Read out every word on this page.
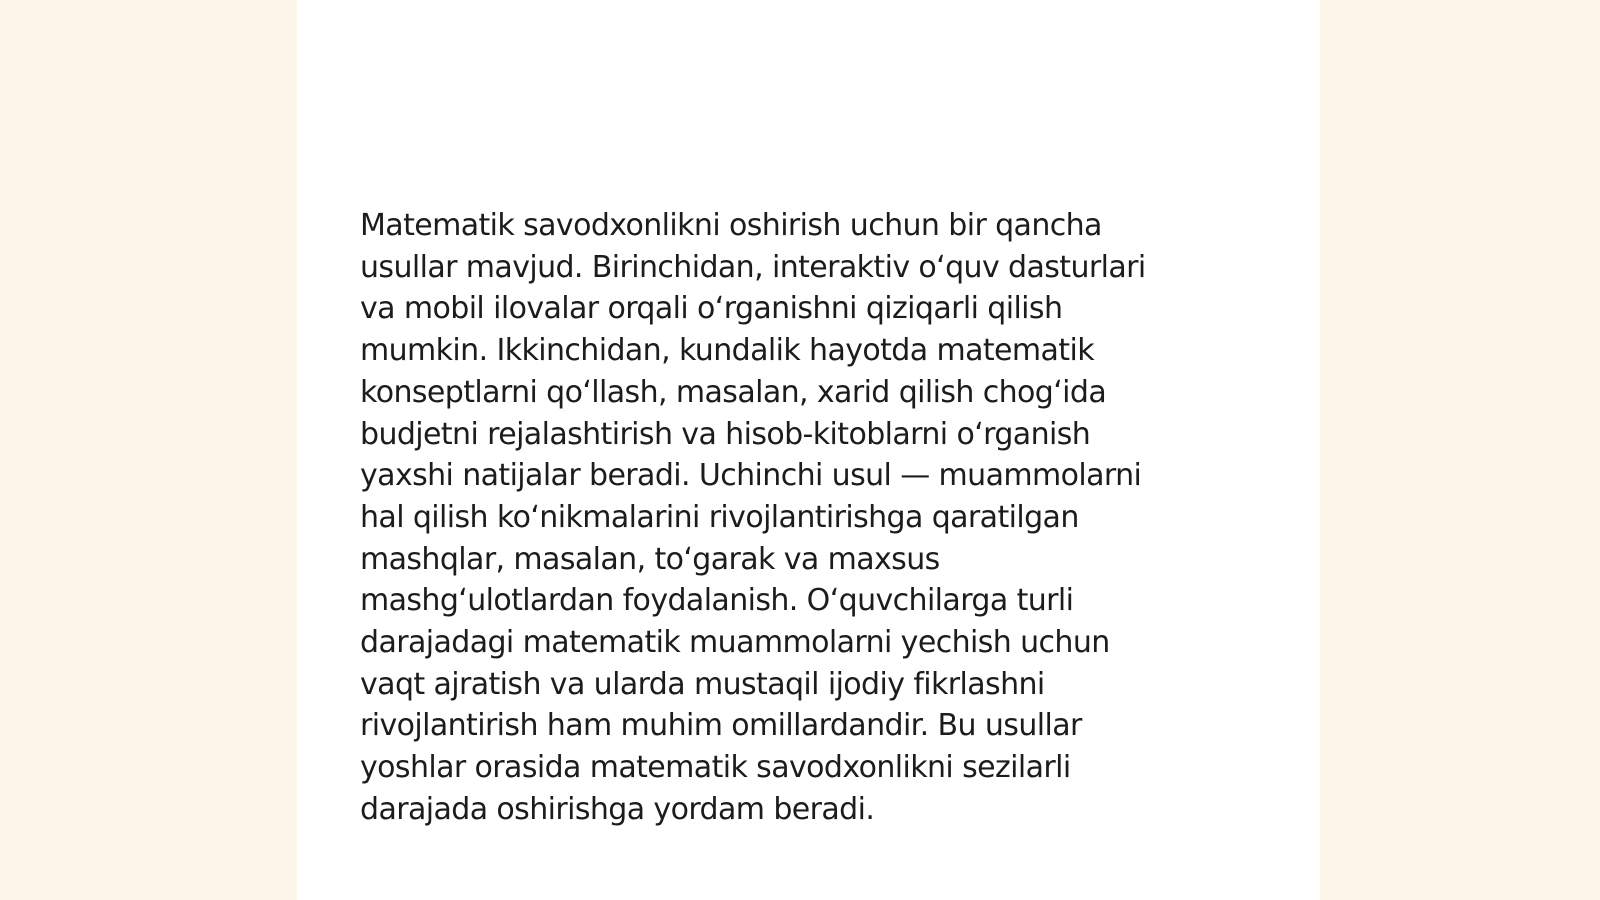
Matematik savodxonlikni oshirish uchun bir qancha
usullar mavjud. Birinchidan, interaktiv o‘quv dasturlari
va mobil ilovalar orqali o‘rganishni qiziqarli qilish
mumkin. Ikkinchidan, kundalik hayotda matematik
konseptlarni qo‘llash, masalan, xarid qilish chog‘ida
budjetni rejalashtirish va hisob-kitoblarni o‘rganish
yaxshi natijalar beradi. Uchinchi usul — muammolarni
hal qilish ko‘nikmalarini rivojlantirishga qaratilgan
mashqlar, masalan, to‘garak va maxsus
mashg‘ulotlardan foydalanish. O‘quvchilarga turli
darajadagi matematik muammolarni yechish uchun
vaqt ajratish va ularda mustaqil ijodiy fikrlashni
rivojlantirish ham muhim omillardandir. Bu usullar
yoshlar orasida matematik savodxonlikni sezilarli
darajada oshirishga yordam beradi.
